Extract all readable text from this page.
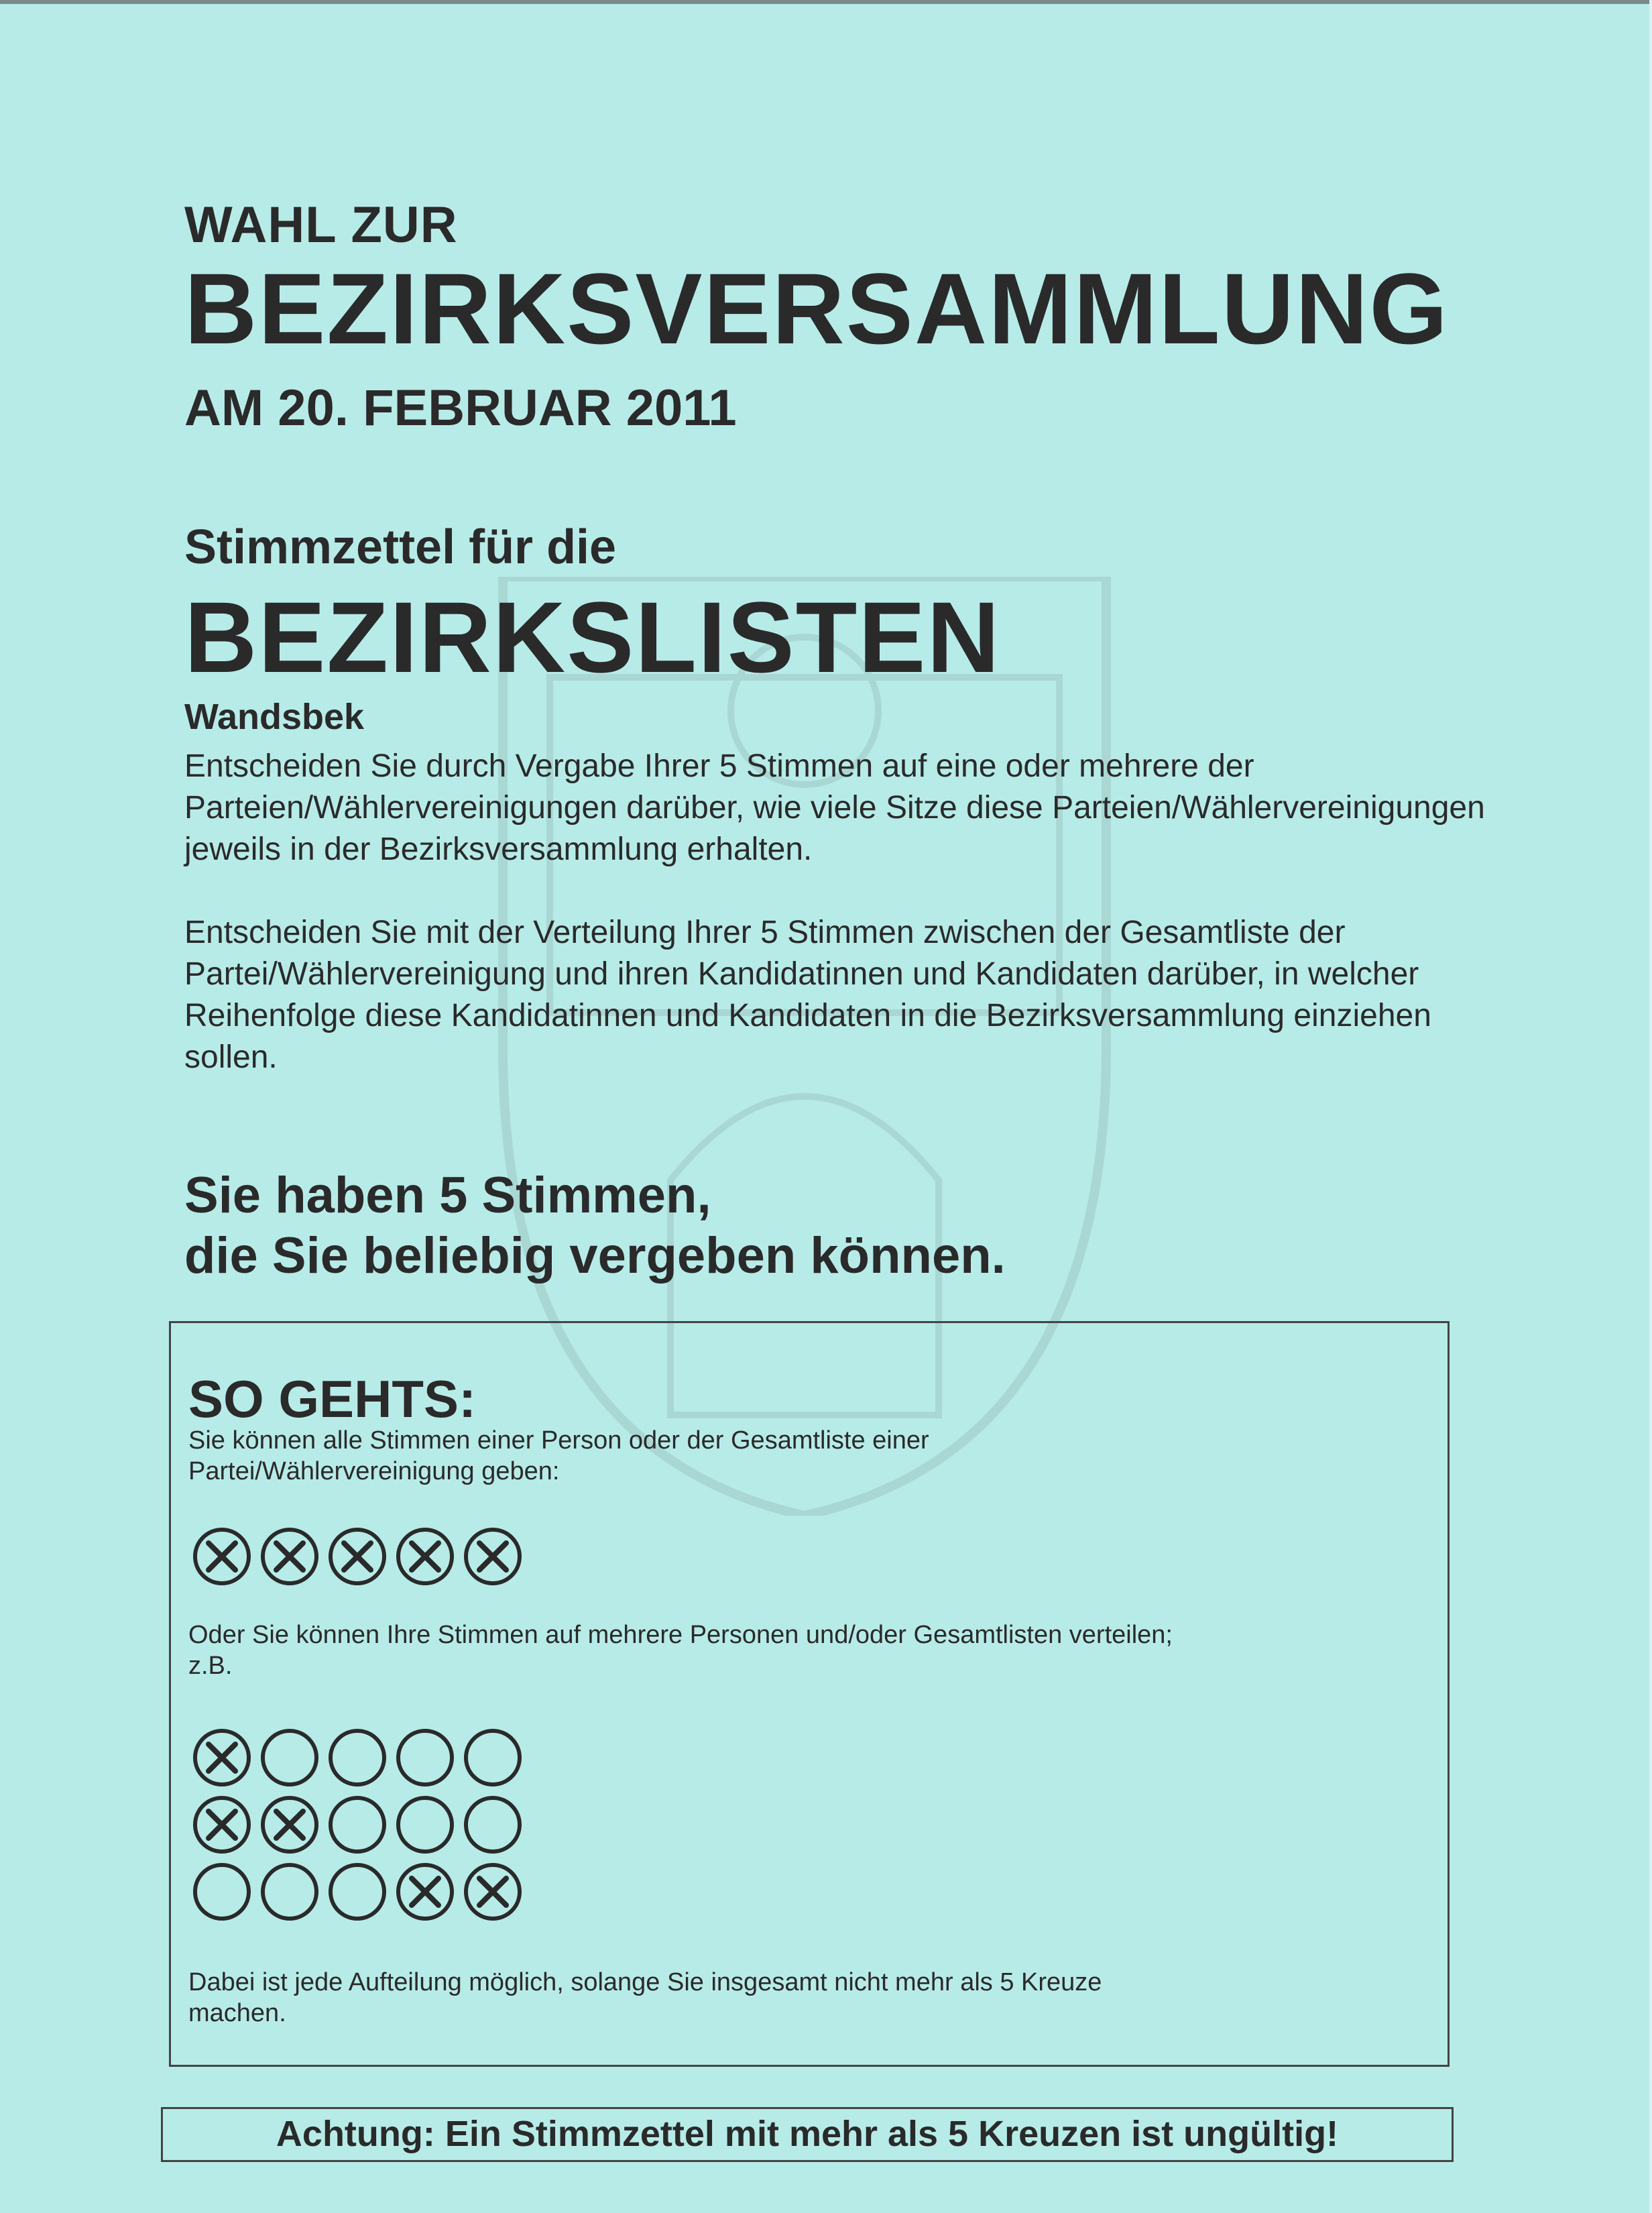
WAHL ZUR
BEZIRKSVERSAMMLUNG
AM 20. FEBRUAR 2011
Stimmzettel für die
BEZIRKSLISTEN
Wandsbek
Entscheiden Sie durch Vergabe Ihrer 5 Stimmen auf eine oder mehrere der Parteien/Wählervereinigungen darüber, wie viele Sitze diese Parteien/Wählervereinigungen jeweils in der Bezirksversammlung erhalten.
Entscheiden Sie mit der Verteilung Ihrer 5 Stimmen zwischen der Gesamtliste der Partei/Wählervereinigung und ihren Kandidatinnen und Kandidaten darüber, in welcher Reihenfolge diese Kandidatinnen und Kandidaten in die Bezirksversammlung einziehen sollen.
Sie haben 5 Stimmen,
die Sie beliebig vergeben können.
SO GEHTS:
Sie können alle Stimmen einer Person oder der Gesamtliste einer Partei/Wählervereinigung geben:
Oder Sie können Ihre Stimmen auf mehrere Personen und/oder Gesamtlisten verteilen; z.B.
Dabei ist jede Aufteilung möglich, solange Sie insgesamt nicht mehr als 5 Kreuze machen.
Achtung: Ein Stimmzettel mit mehr als 5 Kreuzen ist ungültig!
